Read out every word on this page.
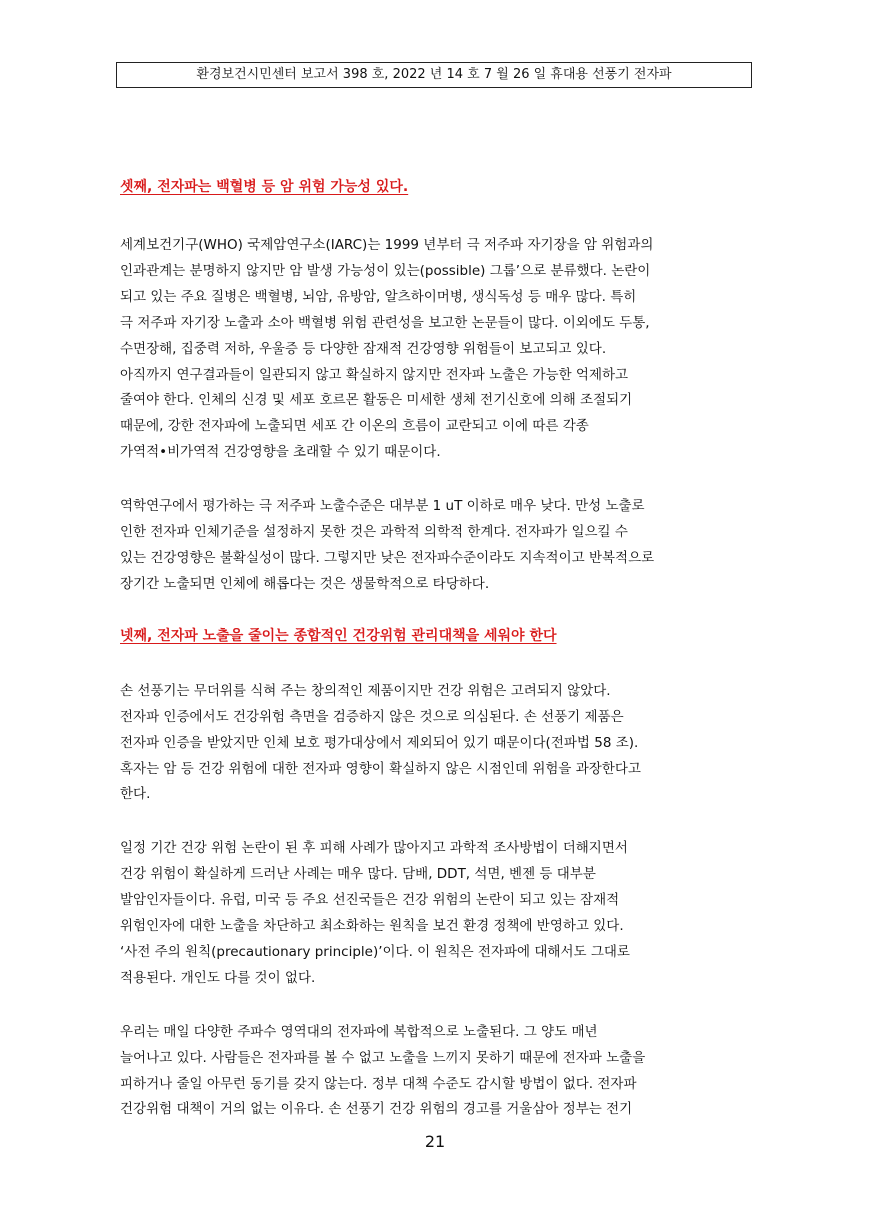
환경보건시민센터 보고서 398 호, 2022 년 14 호 7 월 26 일 휴대용 선풍기 전자파
셋째, 전자파는 백혈병 등 암 위험 가능성 있다.
세계보건기구(WHO) 국제암연구소(IARC)는 1999 년부터 극 저주파 자기장을 암 위험과의
인과관계는 분명하지 않지만 암 발생 가능성이 있는(possible) 그룹’으로 분류했다. 논란이
되고 있는 주요 질병은 백혈병, 뇌암, 유방암, 알츠하이머병, 생식독성 등 매우 많다. 특히
극 저주파 자기장 노출과 소아 백혈병 위험 관련성을 보고한 논문들이 많다. 이외에도 두통,
수면장해, 집중력 저하, 우울증 등 다양한 잠재적 건강영향 위험들이 보고되고 있다.
아직까지 연구결과들이 일관되지 않고 확실하지 않지만 전자파 노출은 가능한 억제하고
줄여야 한다. 인체의 신경 및 세포 호르몬 활동은 미세한 생체 전기신호에 의해 조절되기
때문에, 강한 전자파에 노출되면 세포 간 이온의 흐름이 교란되고 이에 따른 각종
가역적•비가역적 건강영향을 초래할 수 있기 때문이다.
역학연구에서 평가하는 극 저주파 노출수준은 대부분 1 uT 이하로 매우 낮다. 만성 노출로
인한 전자파 인체기준을 설정하지 못한 것은 과학적 의학적 한계다. 전자파가 일으킬 수
있는 건강영향은 불확실성이 많다. 그렇지만 낮은 전자파수준이라도 지속적이고 반복적으로
장기간 노출되면 인체에 해롭다는 것은 생물학적으로 타당하다.
넷째, 전자파 노출을 줄이는 종합적인 건강위험 관리대책을 세워야 한다
손 선풍기는 무더위를 식혀 주는 창의적인 제품이지만 건강 위험은 고려되지 않았다.
전자파 인증에서도 건강위험 측면을 검증하지 않은 것으로 의심된다. 손 선풍기 제품은
전자파 인증을 받았지만 인체 보호 평가대상에서 제외되어 있기 때문이다(전파법 58 조).
혹자는 암 등 건강 위험에 대한 전자파 영향이 확실하지 않은 시점인데 위험을 과장한다고
한다.
일정 기간 건강 위험 논란이 된 후 피해 사례가 많아지고 과학적 조사방법이 더해지면서
건강 위험이 확실하게 드러난 사례는 매우 많다. 담배, DDT, 석면, 벤젠 등 대부분
발암인자들이다. 유럽, 미국 등 주요 선진국들은 건강 위험의 논란이 되고 있는 잠재적
위험인자에 대한 노출을 차단하고 최소화하는 원칙을 보건 환경 정책에 반영하고 있다.
‘사전 주의 원칙(precautionary principle)’이다. 이 원칙은 전자파에 대해서도 그대로
적용된다. 개인도 다를 것이 없다.
우리는 매일 다양한 주파수 영역대의 전자파에 복합적으로 노출된다. 그 양도 매년
늘어나고 있다. 사람들은 전자파를 볼 수 없고 노출을 느끼지 못하기 때문에 전자파 노출을
피하거나 줄일 아무런 동기를 갖지 않는다. 정부 대책 수준도 감시할 방법이 없다. 전자파
건강위험 대책이 거의 없는 이유다. 손 선풍기 건강 위험의 경고를 거울삼아 정부는 전기
21
